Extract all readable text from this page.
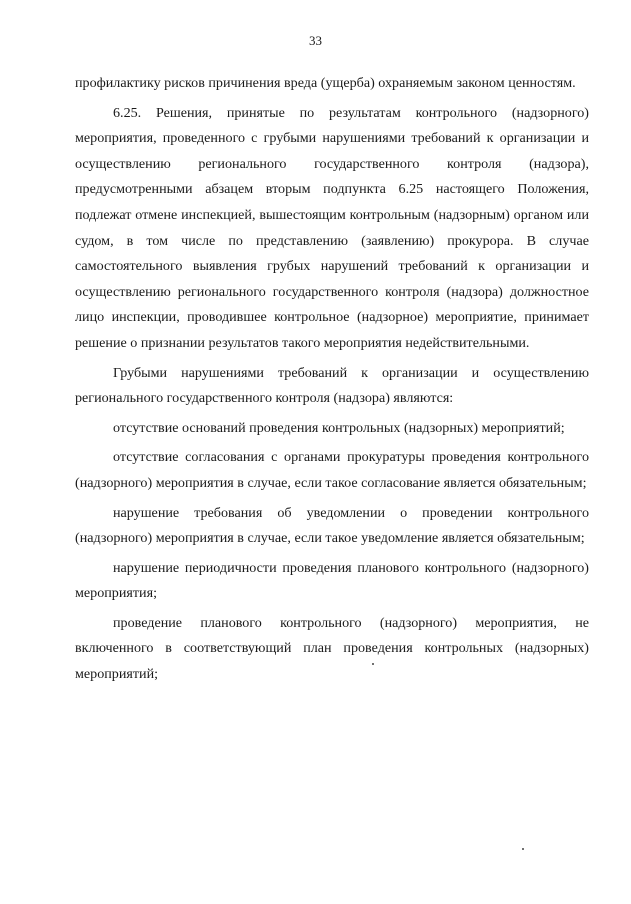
33

профилактику рисков причинения вреда (ущерба) охраняемым законом ценностям.

6.25. Решения, принятые по результатам контрольного (надзорного) мероприятия, проведенного с грубыми нарушениями требований к организации и осуществлению регионального государственного контроля (надзора), предусмотренными абзацем вторым подпункта 6.25 настоящего Положения, подлежат отмене инспекцией, вышестоящим контрольным (надзорным) органом или судом, в том числе по представлению (заявлению) прокурора. В случае самостоятельного выявления грубых нарушений требований к организации и осуществлению регионального государственного контроля (надзора) должностное лицо инспекции, проводившее контрольное (надзорное) мероприятие, принимает решение о признании результатов такого мероприятия недействительными.

Грубыми нарушениями требований к организации и осуществлению регионального государственного контроля (надзора) являются:

отсутствие оснований проведения контрольных (надзорных) мероприятий;

отсутствие согласования с органами прокуратуры проведения контрольного (надзорного) мероприятия в случае, если такое согласование является обязательным;

нарушение требования об уведомлении о проведении контрольного (надзорного) мероприятия в случае, если такое уведомление является обязательным;

нарушение периодичности проведения планового контрольного (надзорного) мероприятия;

проведение планового контрольного (надзорного) мероприятия, не включенного в соответствующий план проведения контрольных (надзорных) мероприятий;
